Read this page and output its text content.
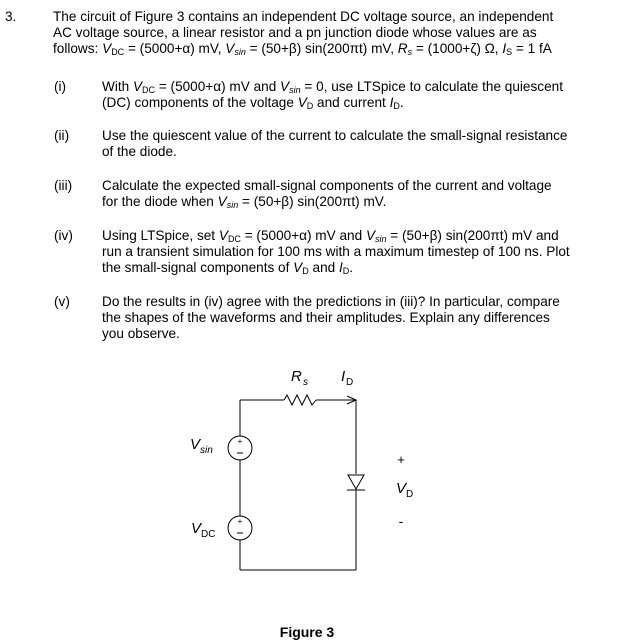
3.	The circuit of Figure 3 contains an independent DC voltage source, an independent
AC voltage source, a linear resistor and a pn junction diode whose values are as
follows: $V_{DC} = (5000+\alpha)$ mV, $V_{sin} = (50+\beta)$ sin(200πt) mV, $R_s = (1000+\zeta)$ Ω, $I_S = 1$ fA
(i)	With $V_{DC} = (5000+\alpha)$ mV and $V_{sin} = 0$, use LTSpice to calculate the quiescent
(DC) components of the voltage $V_D$ and current $I_D$.
(ii) Use the quiescent value of the current to calculate the small-signal resistance
of the diode.
(iii) Calculate the expected small-signal components of the current and voltage
for the diode when $V_{sin} = (50+\beta)$ sin(200πt) mV.
(iv) Using LTSpice, set $V_{DC} = (5000+\alpha)$ mV and $V_{sin} = (50+\beta)$ sin(200πt) mV and
run a transient simulation for 100 ms with a maximum timestep of 100 ns. Plot
the small-signal components of $V_D$ and $I_D$.
(v) Do the results in (iv) agree with the predictions in (iii)? In particular, compare
the shapes of the waveforms and their amplitudes. Explain any differences
you observe.
+
+
R s I D
V sin
V DC
+
V D
-
Figure 3
